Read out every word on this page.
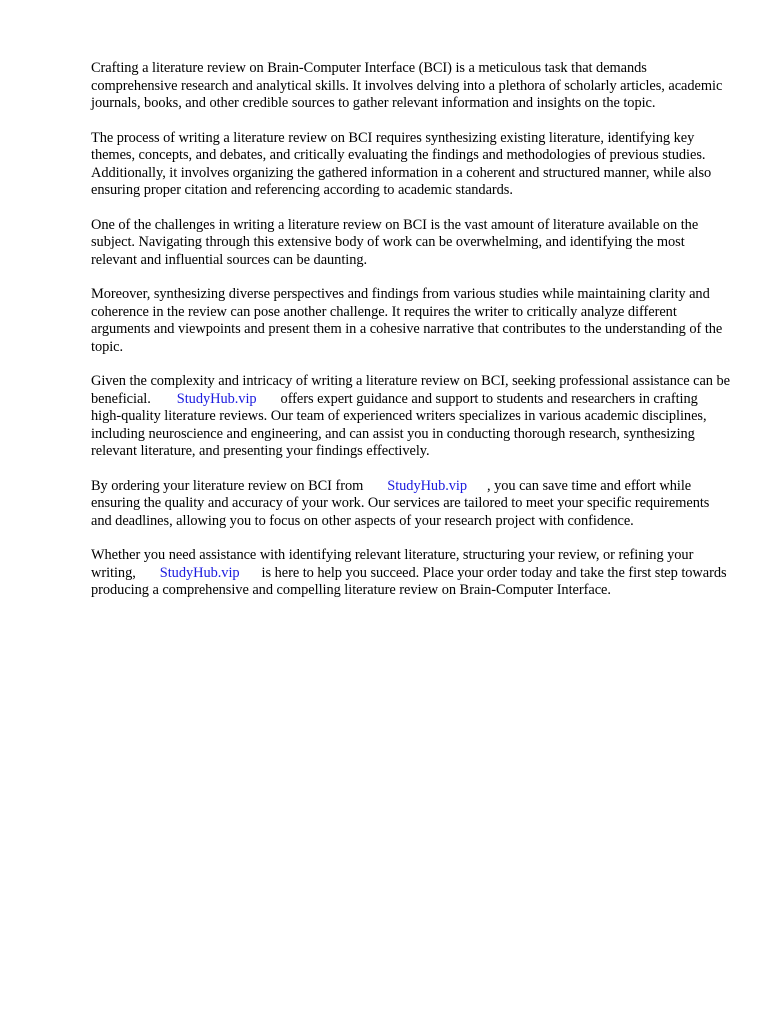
Crafting a literature review on Brain-Computer Interface (BCI) is a meticulous task that demands comprehensive research and analytical skills. It involves delving into a plethora of scholarly articles, academic journals, books, and other credible sources to gather relevant information and insights on the topic.

The process of writing a literature review on BCI requires synthesizing existing literature, identifying key themes, concepts, and debates, and critically evaluating the findings and methodologies of previous studies. Additionally, it involves organizing the gathered information in a coherent and structured manner, while also ensuring proper citation and referencing according to academic standards.

One of the challenges in writing a literature review on BCI is the vast amount of literature available on the subject. Navigating through this extensive body of work can be overwhelming, and identifying the most relevant and influential sources can be daunting.

Moreover, synthesizing diverse perspectives and findings from various studies while maintaining clarity and coherence in the review can pose another challenge. It requires the writer to critically analyze different arguments and viewpoints and present them in a cohesive narrative that contributes to the understanding of the topic.

Given the complexity and intricacy of writing a literature review on BCI, seeking professional assistance can be beneficial. StudyHub.vip offers expert guidance and support to students and researchers in crafting high-quality literature reviews. Our team of experienced writers specializes in various academic disciplines, including neuroscience and engineering, and can assist you in conducting thorough research, synthesizing relevant literature, and presenting your findings effectively.

By ordering your literature review on BCI from StudyHub.vip , you can save time and effort while ensuring the quality and accuracy of your work. Our services are tailored to meet your specific requirements and deadlines, allowing you to focus on other aspects of your research project with confidence.

Whether you need assistance with identifying relevant literature, structuring your review, or refining your writing, StudyHub.vip is here to help you succeed. Place your order today and take the first step towards producing a comprehensive and compelling literature review on Brain-Computer Interface.
